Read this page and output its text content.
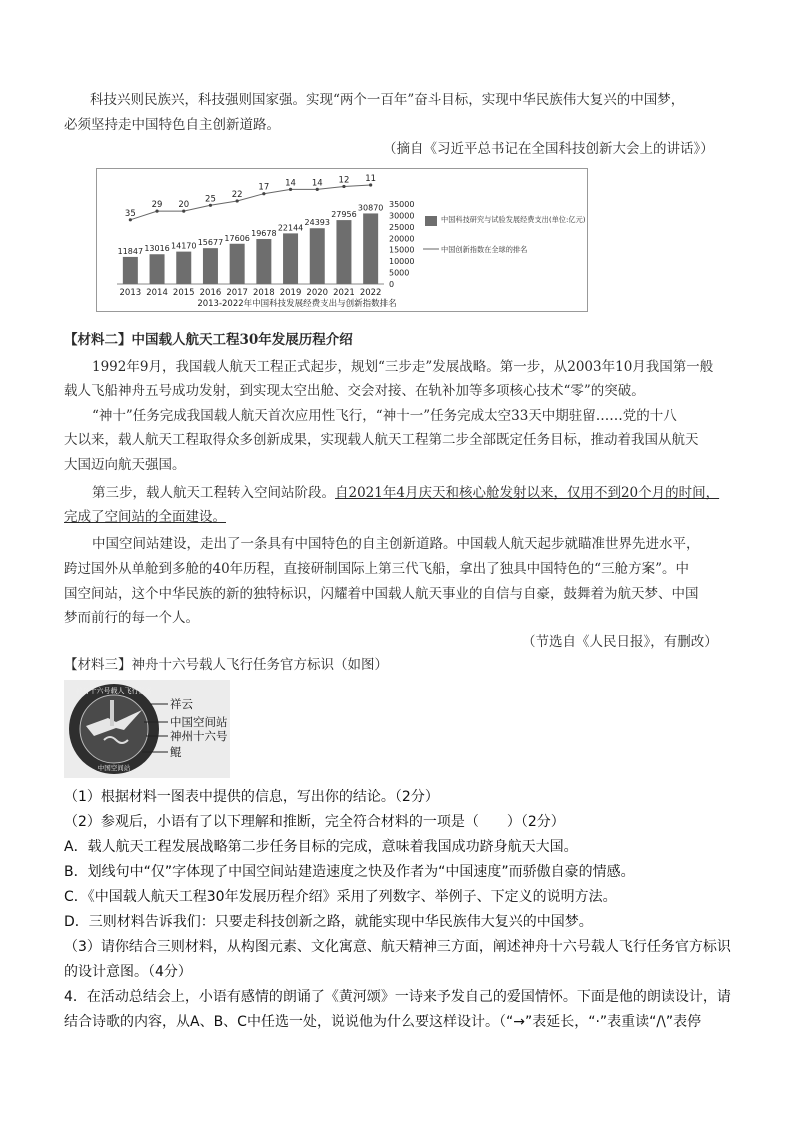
科技兴则民族兴，科技强则国家强。实现“两个一百年”奋斗目标，实现中华民族伟大复兴的中国梦，
必须坚持走中国特色自主创新道路。
（摘自《习近平总书记在全国科技创新大会上的讲话》）
11847
2013
13016
2014
14170
2015
15677
2016
17606
2017
19678
2018
22144
2019
24393
2020
27956
2021
30870
2022
35
29 20
25 22
17 14 14 12 11
35000
30000
25000
20000
15000
10000
5000
0
中国科技研究与试验发展经费支出(单位:亿元)
中国创新指数在全球的排名
2013-2022年中国科技发展经费支出与创新指数排名
【材料二】中国载人航天工程30年发展历程介绍
1992年9月，我国载人航天工程正式起步，规划“三步走”发展战略。第一步，从2003年10月我国第一般
载人飞船神舟五号成功发射，到实现太空出舱、交会对接、在轨补加等多项核心技术“零”的突破。
“神十”任务完成我国载人航天首次应用性飞行，“神十一”任务完成太空33天中期驻留……党的十八
大以来，载人航天工程取得众多创新成果，实现载人航天工程第二步全部既定任务目标，推动着我国从航天
大国迈向航天强国。
第三步，载人航天工程转入空间站阶段。自2021年4月庆天和核心舱发射以来，仅用不到20个月的时间，
完成了空间站的全面建设。
中国空间站建设，走出了一条具有中国特色的自主创新道路。中国载人航天起步就瞄准世界先进水平，
跨过国外从单舱到多舱的40年历程，直接研制国际上第三代飞船，拿出了独具中国特色的“三舱方案”。中
国空间站，这个中华民族的新的独特标识，闪耀着中国载人航天事业的自信与自豪，鼓舞着为航天梦、中国
梦而前行的每一个人。
（节选自《人民日报》，有删改）
【材料三】神舟十六号载人飞行任务官方标识（如图）
神舟十六号载人飞行任务
中国空间站
祥云
中国空间站
神州十六号
鲲
（1）根据材料一图表中提供的信息，写出你的结论。（2分）
（2）参观后，小语有了以下理解和推断，完全符合材料的一项是（　　）（2分）
A．载人航天工程发展战略第二步任务目标的完成，意味着我国成功跻身航天大国。
B．划线句中“仅”字体现了中国空间站建造速度之快及作者为“中国速度”而骄傲自豪的情感。
C．《中国载人航天工程30年发展历程介绍》采用了列数字、举例子、下定义的说明方法。
D．三则材料告诉我们：只要走科技创新之路，就能实现中华民族伟大复兴的中国梦。
（3）请你结合三则材料，从构图元素、文化寓意、航天精神三方面，阐述神舟十六号载人飞行任务官方标识
的设计意图。（4分）
4．在活动总结会上，小语有感情的朗诵了《黄河颂》一诗来予发自己的爱国情怀。下面是他的朗读设计，请
结合诗歌的内容，从A、B、C中任选一处，说说他为什么要这样设计。（“→”表延长，“·”表重读“/\”表停
